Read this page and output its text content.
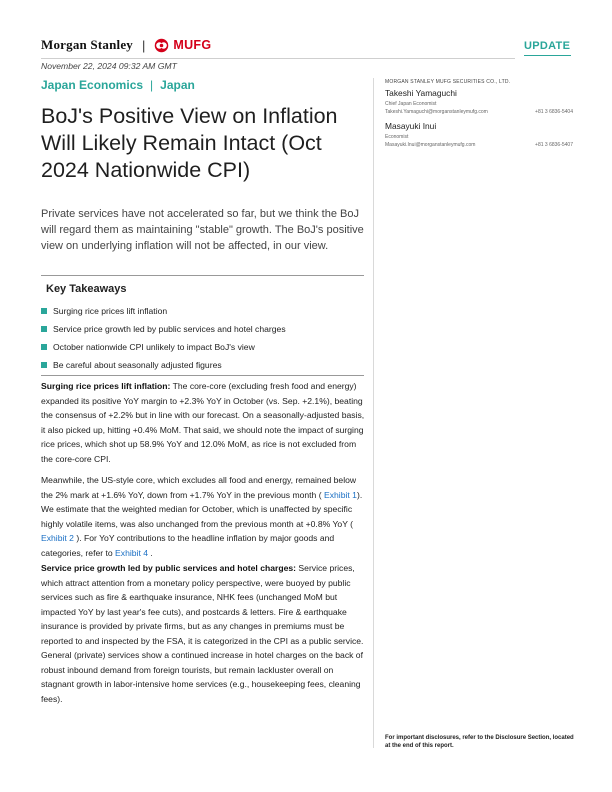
Morgan Stanley | MUFG	UPDATE
November 22, 2024 09:32 AM GMT
Japan Economics | Japan
BoJ's Positive View on Inflation Will Likely Remain Intact (Oct 2024 Nationwide CPI)

Private services have not accelerated so far, but we think the BoJ will regard them as maintaining "stable" growth. The BoJ's positive view on underlying inflation will not be affected, in our view.

Key Takeaways
Surging rice prices lift inflation
Service price growth led by public services and hotel charges
October nationwide CPI unlikely to impact BoJ's view
Be careful about seasonally adjusted figures

Surging rice prices lift inflation: The core-core (excluding fresh food and energy) expanded its positive YoY margin to +2.3% YoY in October (vs. Sep. +2.1%), beating the consensus of +2.2% but in line with our forecast. On a seasonally-adjusted basis, it also picked up, hitting +0.4% MoM. That said, we should note the impact of surging rice prices, which shot up 58.9% YoY and 12.0% MoM, as rice is not excluded from the core-core CPI.

Meanwhile, the US-style core, which excludes all food and energy, remained below the 2% mark at +1.6% YoY, down from +1.7% YoY in the previous month ( Exhibit 1). We estimate that the weighted median for October, which is unaffected by specific highly volatile items, was also unchanged from the previous month at +0.8% YoY ( Exhibit 2 ). For YoY contributions to the headline inflation by major goods and categories, refer to Exhibit 4 .

Service price growth led by public services and hotel charges: Service prices, which attract attention from a monetary policy perspective, were buoyed by public services such as fire & earthquake insurance, NHK fees (unchanged MoM but impacted YoY by last year's fee cuts), and postcards & letters. Fire & earthquake insurance is provided by private firms, but as any changes in premiums must be reported to and inspected by the FSA, it is categorized in the CPI as a public service. General (private) services show a continued increase in hotel charges on the back of robust inbound demand from foreign tourists, but remain lackluster overall on stagnant growth in labor-intensive home services (e.g., housekeeping fees, cleaning fees).

MORGAN STANLEY MUFG SECURITIES CO., LTD.
Takeshi Yamaguchi
Chief Japan Economist
Takeshi.Yamaguchi@morganstanleymufg.com	+81 3 6836-5404
Masayuki Inui
Economist
Masayuki.Inui@morganstanleymufg.com	+81 3 6836-5407

For important disclosures, refer to the Disclosure Section, located at the end of this report.
